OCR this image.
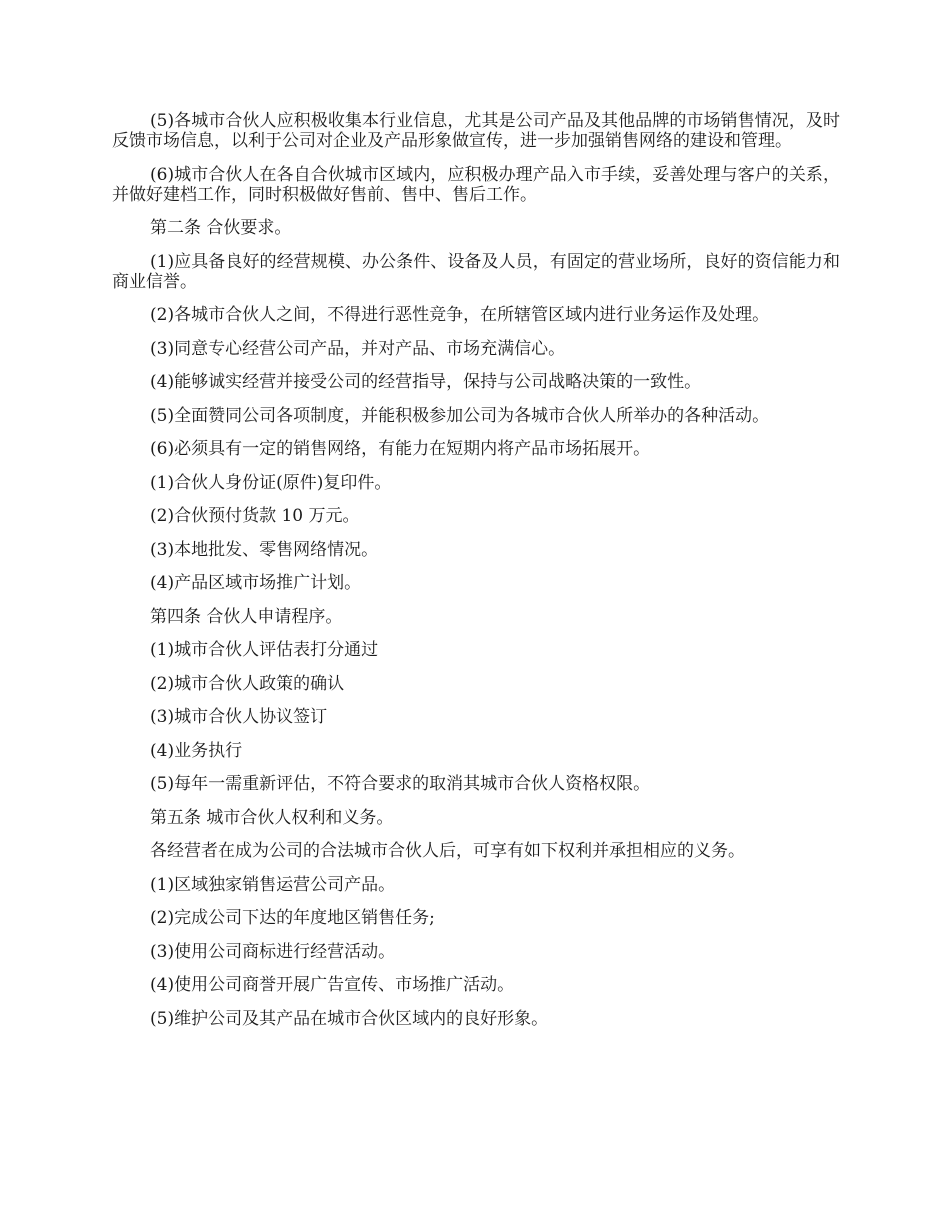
(5)各城市合伙人应积极收集本行业信息，尤其是公司产品及其他品牌的市场销售情况，及时反馈市场信息，以利于公司对企业及产品形象做宣传，进一步加强销售网络的建设和管理。

(6)城市合伙人在各自合伙城市区域内，应积极办理产品入市手续，妥善处理与客户的关系，并做好建档工作，同时积极做好售前、售中、售后工作。

第二条 合伙要求。

(1)应具备良好的经营规模、办公条件、设备及人员，有固定的营业场所，良好的资信能力和商业信誉。

(2)各城市合伙人之间，不得进行恶性竞争，在所辖管区域内进行业务运作及处理。

(3)同意专心经营公司产品，并对产品、市场充满信心。

(4)能够诚实经营并接受公司的经营指导，保持与公司战略决策的一致性。

(5)全面赞同公司各项制度，并能积极参加公司为各城市合伙人所举办的各种活动。

(6)必须具有一定的销售网络，有能力在短期内将产品市场拓展开。

(1)合伙人身份证(原件)复印件。

(2)合伙预付货款 10 万元。

(3)本地批发、零售网络情况。

(4)产品区域市场推广计划。

第四条 合伙人申请程序。

(1)城市合伙人评估表打分通过

(2)城市合伙人政策的确认

(3)城市合伙人协议签订

(4)业务执行

(5)每年一需重新评估，不符合要求的取消其城市合伙人资格权限。

第五条 城市合伙人权利和义务。

各经营者在成为公司的合法城市合伙人后，可享有如下权利并承担相应的义务。

(1)区域独家销售运营公司产品。

(2)完成公司下达的年度地区销售任务;

(3)使用公司商标进行经营活动。

(4)使用公司商誉开展广告宣传、市场推广活动。

(5)维护公司及其产品在城市合伙区域内的良好形象。
